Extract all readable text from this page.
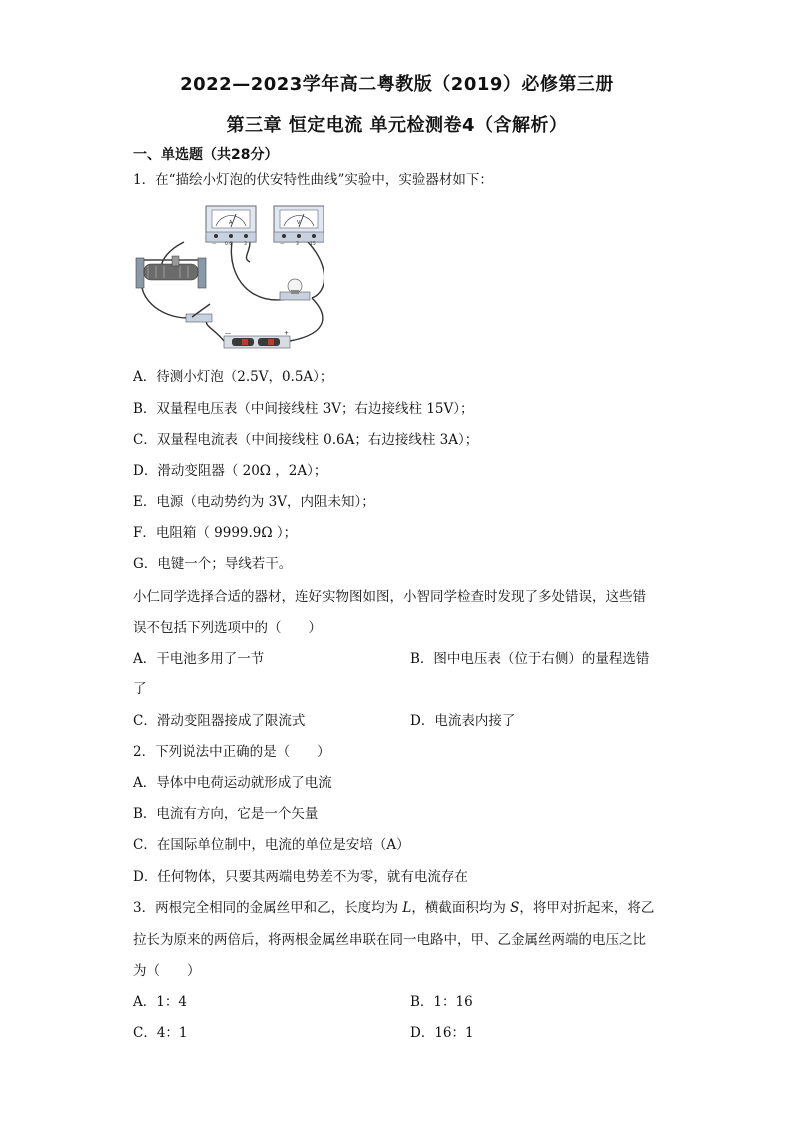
2022—2023学年高二粤教版（2019）必修第三册
第三章 恒定电流 单元检测卷4（含解析）
一、单选题（共28分）
1．在“描绘小灯泡的伏安特性曲线”实验中，实验器材如下：
A
— 0.6	3
V
—	3 15
—	+
A．待测小灯泡（2.5V，0.5A）；
B．双量程电压表（中间接线柱 3V；右边接线柱 15V）；
C．双量程电流表（中间接线柱 0.6A；右边接线柱 3A）；
D．滑动变阻器（ 20Ω ，2A）；
E．电源（电动势约为 3V，内阻未知）；
F．电阻箱（ 9999.9Ω ）；
G．电键一个；导线若干。
小仁同学选择合适的器材，连好实物图如图，小智同学检查时发现了多处错误，这些错
误不包括下列选项中的（　　）
A．干电池多用了一节	B．图中电压表（位于右侧）的量程选错
了
C．滑动变阻器接成了限流式	D．电流表内接了
2．下列说法中正确的是（　　）
A．导体中电荷运动就形成了电流
B．电流有方向，它是一个矢量
C．在国际单位制中，电流的单位是安培（A）
D．任何物体，只要其两端电势差不为零，就有电流存在
3．两根完全相同的金属丝甲和乙，长度均为 L，横截面积均为 S，将甲对折起来，将乙
拉长为原来的两倍后，将两根金属丝串联在同一电路中，甲、乙金属丝两端的电压之比
为（　　）
A．1：4	B．1：16
C．4：1	D．16：1
